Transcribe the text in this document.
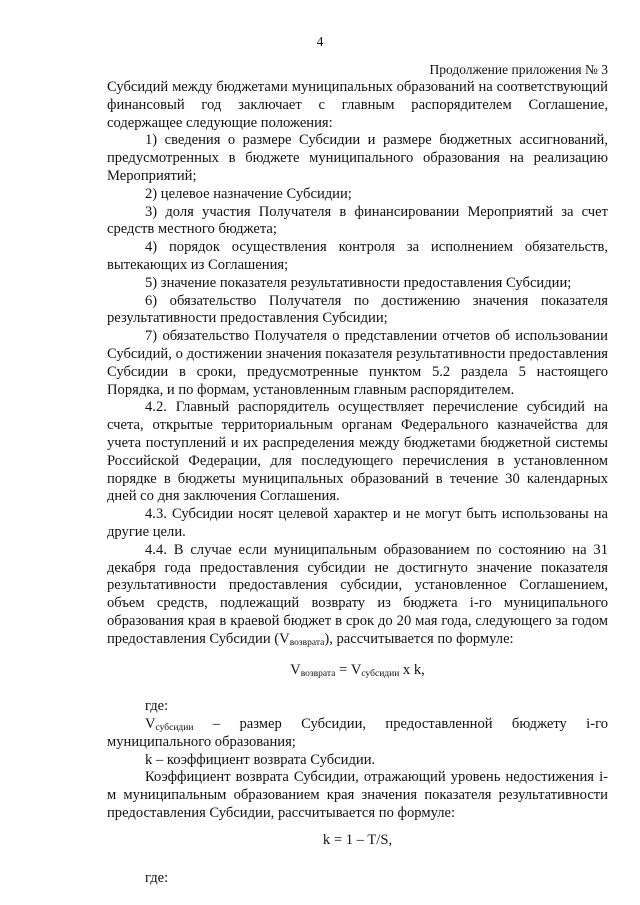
4
Продолжение приложения № 3

Субсидий между бюджетами муниципальных образований на соответствующий финансовый год заключает с главным распорядителем Соглашение, содержащее следующие положения:

1) сведения о размере Субсидии и размере бюджетных ассигнований, предусмотренных в бюджете муниципального образования на реализацию Мероприятий;

2) целевое назначение Субсидии;

3) доля участия Получателя в финансировании Мероприятий за счет средств местного бюджета;

4) порядок осуществления контроля за исполнением обязательств, вытекающих из Соглашения;

5) значение показателя результативности предоставления Субсидии;

6) обязательство Получателя по достижению значения показателя результативности предоставления Субсидии;

7) обязательство Получателя о представлении отчетов об использовании Субсидий, о достижении значения показателя результативности предоставления Субсидии в сроки, предусмотренные пунктом 5.2 раздела 5 настоящего Порядка, и по формам, установленным главным распорядителем.

4.2. Главный распорядитель осуществляет перечисление субсидий на счета, открытые территориальным органам Федерального казначейства для учета поступлений и их распределения между бюджетами бюджетной системы Российской Федерации, для последующего перечисления в установленном порядке в бюджеты муниципальных образований в течение 30 календарных дней со дня заключения Соглашения.

4.3. Субсидии носят целевой характер и не могут быть использованы на другие цели.

4.4. В случае если муниципальным образованием по состоянию на 31 декабря года предоставления субсидии не достигнуто значение показателя результативности предоставления субсидии, установленное Соглашением, объем средств, подлежащий возврату из бюджета i-го муниципального образования края в краевой бюджет в срок до 20 мая года, следующего за годом предоставления Субсидии $(V_{возврата})$, рассчитывается по формуле:

$V_{возврата} = V_{субсидии}$ x k,

где:

$V_{субсидии}$ – размер Субсидии, предоставленной бюджету i-го муниципального образования;

k – коэффициент возврата Субсидии.

Коэффициент возврата Субсидии, отражающий уровень недостижения i-м муниципальным образованием края значения показателя результативности предоставления Субсидии, рассчитывается по формуле:

k = 1 – T/S,

где:
